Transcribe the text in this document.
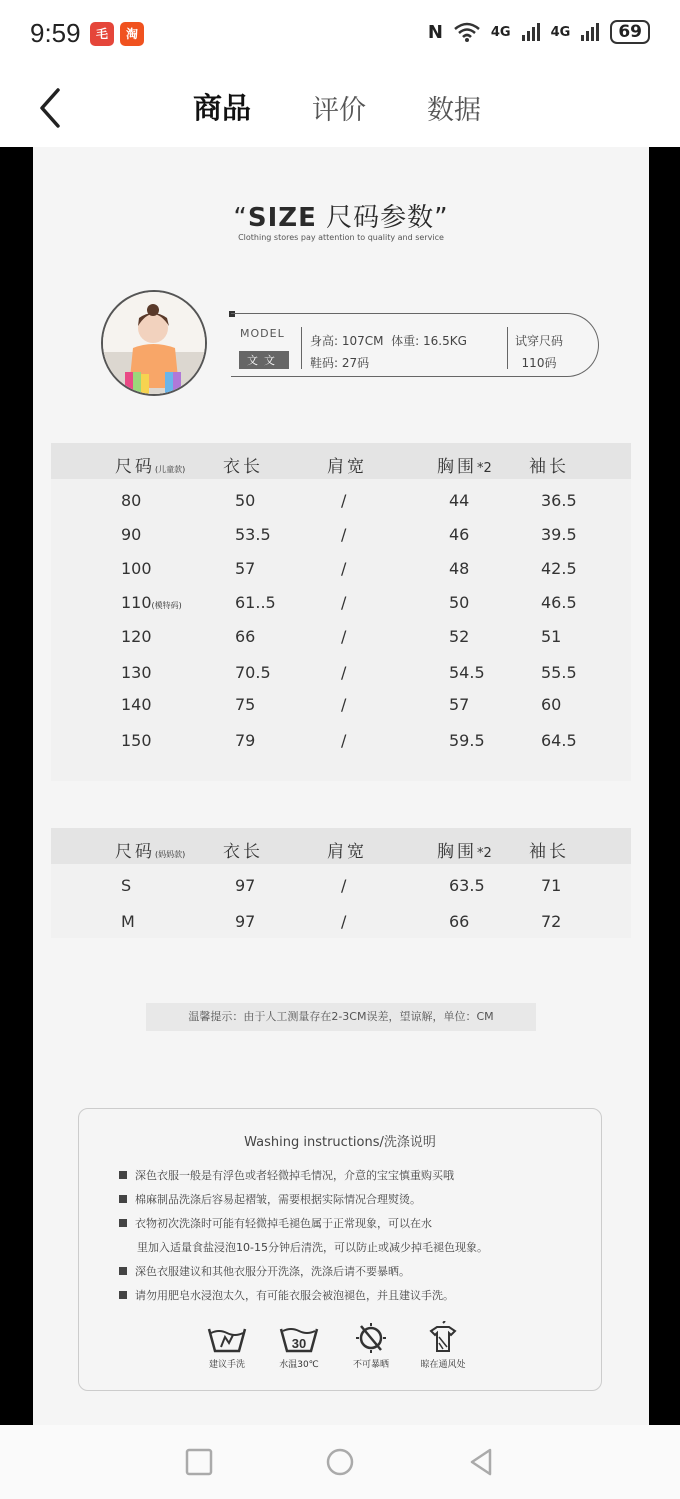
9:59	毛	淘	N	4G	4G	69
商品 评价 数据
“SIZE 尺码参数”
Clothing stores pay attention to quality and service
MODEL
文文
身高: 107CM 体重: 16.5KG
鞋码: 27码
试穿尺码
110码
尺码(儿童款) 衣长	肩宽	胸围*2 袖长
80	50	/	44	36.5
90	53.5	/	46	39.5
100	57	/	48	42.5
110(模特码)	61..5	/	50	46.5
120	66	/	52	51
130	70.5	/	54.5	55.5
140	75	/	57	60
150	79	/	59.5	64.5
尺码(妈妈款) 衣长	肩宽	胸围*2 袖长
S	97	/	63.5	71
M	97	/	66	72
温馨提示：由于人工测量存在2-3CM误差，望谅解，单位：CM
Washing instructions/洗涤说明
深色衣服一般是有浮色或者轻微掉毛情况，介意的宝宝慎重购买哦
棉麻制品洗涤后容易起褶皱，需要根据实际情况合理熨烫。
衣物初次洗涤时可能有轻微掉毛褪色属于正常现象，可以在水
里加入适量食盐浸泡10-15分钟后清洗，可以防止或减少掉毛褪色现象。
深色衣服建议和其他衣服分开洗涤，洗涤后请不要暴晒。
请勿用肥皂水浸泡太久，有可能衣服会被泡褪色，并且建议手洗。
建议手洗
30
水温30℃	不可暴晒	晾在通风处
